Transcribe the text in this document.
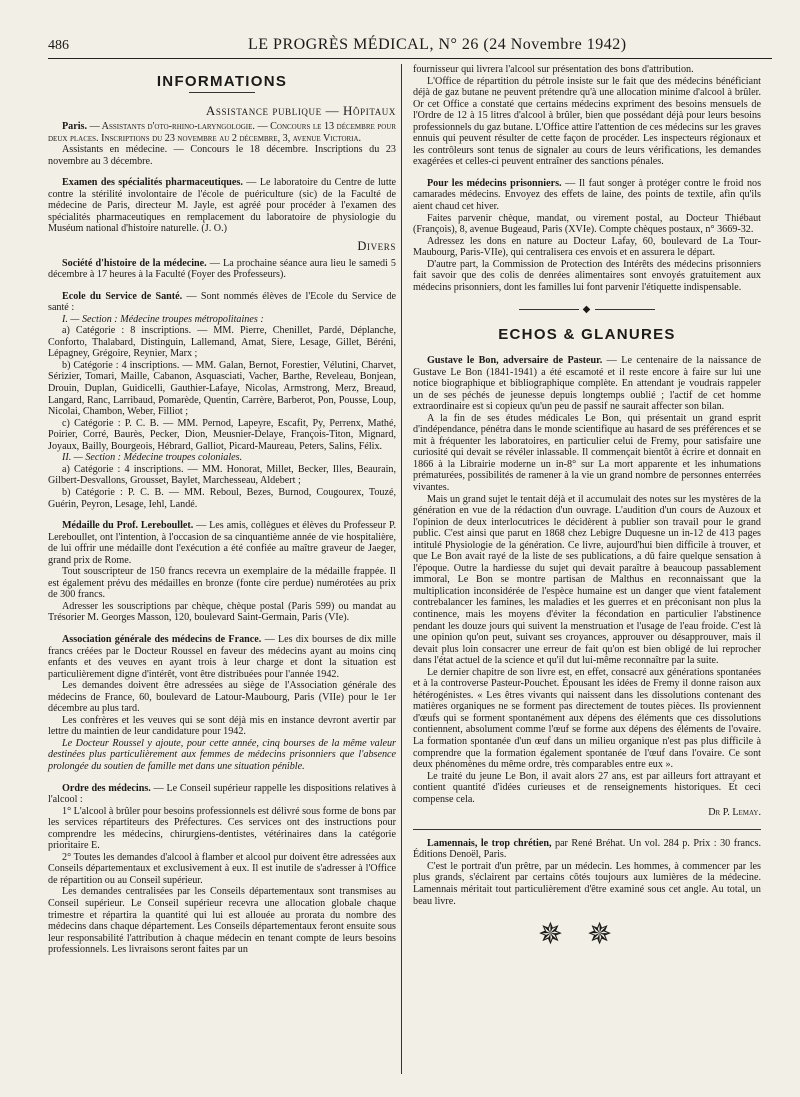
486	LE PROGRÈS MÉDICAL, N° 26 (24 Novembre 1942)
INFORMATIONS

Assistance publique — Hôpitaux

Paris. — Assistants d'oto-rhino-laryngologie. — Concours le 13 décembre pour deux places. Inscriptions du 23 novembre au 2 décembre, 3, avenue Victoria.

Assistants en médecine. — Concours le 18 décembre. Inscriptions du 23 novembre au 3 décembre.

Examen des spécialités pharmaceutiques. — Le laboratoire du Centre de lutte contre la stérilité involontaire de l'école de puériculture (sic) de la Faculté de médecine de Paris, directeur M. Jayle, est agréé pour procéder à l'examen des spécialités pharmaceutiques en remplacement du laboratoire de physiologie du Muséum national d'histoire naturelle. (J. O.)

Divers

Société d'histoire de la médecine. — La prochaine séance aura lieu le samedi 5 décembre à 17 heures à la Faculté (Foyer des Professeurs).

Ecole du Service de Santé. — Sont nommés élèves de l'Ecole du Service de santé :

I. — Section : Médecine troupes métropolitaines :

a) Catégorie : 8 inscriptions. — MM. Pierre, Chenillet, Pardé, Déplanche, Conforto, Thalabard, Distinguin, Lallemand, Amat, Siere, Lesage, Gillet, Béréni, Lépagney, Grégoire, Reynier, Marx ;

b) Catégorie : 4 inscriptions. — MM. Galan, Bernot, Forestier, Vélutini, Charvet, Sérizier, Tomari, Maille, Cabanon, Asquasciati, Vacher, Barthe, Reveleau, Bonjean, Drouin, Duplan, Guidicelli, Gauthier-Lafaye, Nicolas, Armstrong, Merz, Breaud, Langard, Ranc, Larribaud, Pomarède, Quentin, Carrère, Barberot, Pon, Pousse, Loup, Nicolai, Chambon, Weber, Filliot ;

c) Catégorie : P. C. B. — MM. Pernod, Lapeyre, Escafit, Py, Perrenx, Mathé, Poirier, Corré, Baurès, Pecker, Dion, Meusnier-Delaye, François-Titon, Mignard, Joyaux, Bailly, Bourgeois, Hébrard, Galliot, Picard-Maureau, Peters, Salins, Félix.

II. — Section : Médecine troupes coloniales.

a) Catégorie : 4 inscriptions. — MM. Honorat, Millet, Becker, Illes, Beaurain, Gilbert-Desvallons, Grousset, Baylet, Marchesseau, Aldebert ;

b) Catégorie : P. C. B. — MM. Reboul, Bezes, Burnod, Cougourex, Touzé, Guérin, Peyron, Lesage, Iehl, Landé.

Médaille du Prof. Lereboullet. — Les amis, collègues et élèves du Professeur P. Lereboullet, ont l'intention, à l'occasion de sa cinquantième année de vie hospitalière, de lui offrir une médaille dont l'exécution a été confiée au maître graveur de Jaeger, grand prix de Rome.

Tout souscripteur de 150 francs recevra un exemplaire de la médaille frappée. Il est également prévu des médailles en bronze (fonte cire perdue) numérotées au prix de 300 francs.

Adresser les souscriptions par chèque, chèque postal (Paris 599) ou mandat au Trésorier M. Georges Masson, 120, boulevard Saint-Germain, Paris (VIe).

Association générale des médecins de France. — Les dix bourses de dix mille francs créées par le Docteur Roussel en faveur des médecins ayant au moins cinq enfants et des veuves en ayant trois à leur charge et dont la situation est particulièrement digne d'intérêt, vont être distribuées pour l'année 1942.

Les demandes doivent être adressées au siège de l'Association générale des médecins de France, 60, boulevard de Latour-Maubourg, Paris (VIIe) pour le 1er décembre au plus tard.

Les confrères et les veuves qui se sont déjà mis en instance devront avertir par lettre du maintien de leur candidature pour 1942.

Le Docteur Roussel y ajoute, pour cette année, cinq bourses de la même valeur destinées plus particulièrement aux femmes de médecins prisonniers que l'absence prolongée du soutien de famille met dans une situation pénible.

Ordre des médecins. — Le Conseil supérieur rappelle les dispositions relatives à l'alcool :

1° L'alcool à brûler pour besoins professionnels est délivré sous forme de bons par les services répartiteurs des Préfectures. Ces services ont des instructions pour comprendre les médecins, chirurgiens-dentistes, vétérinaires dans la catégorie prioritaire E.

2° Toutes les demandes d'alcool à flamber et alcool pur doivent être adressées aux Conseils départementaux et exclusivement à eux. Il est inutile de s'adresser à l'Office de répartition ou au Conseil supérieur.

Les demandes centralisées par les Conseils départementaux sont transmises au Conseil supérieur. Le Conseil supérieur recevra une allocation globale chaque trimestre et répartira la quantité qui lui est allouée au prorata du nombre des médecins dans chaque département. Les Conseils départementaux feront ensuite sous leur responsabilité l'attribution à chaque médecin en tenant compte de leurs besoins professionnels. Les livraisons seront faites par un

fournisseur qui livrera l'alcool sur présentation des bons d'attribution.

L'Office de répartition du pétrole insiste sur le fait que des médecins bénéficiant déjà de gaz butane ne peuvent prétendre qu'à une allocation minime d'alcool à brûler. Or cet Office a constaté que certains médecins expriment des besoins mensuels de l'Ordre de 12 à 15 litres d'alcool à brûler, bien que possédant déjà pour leurs besoins professionnels du gaz butane. L'Office attire l'attention de ces médecins sur les graves ennuis qui peuvent résulter de cette façon de procéder. Les inspecteurs régionaux et les contrôleurs sont tenus de signaler au cours de leurs vérifications, les demandes exagérées et celles-ci peuvent entraîner des sanctions pénales.

Pour les médecins prisonniers. — Il faut songer à protéger contre le froid nos camarades médecins. Envoyez des effets de laine, des points de textile, afin qu'ils aient chaud cet hiver.

Faites parvenir chèque, mandat, ou virement postal, au Docteur Thiébaut (François), 8, avenue Bugeaud, Paris (XVIe). Compte chèques postaux, n° 3669-32.

Adressez les dons en nature au Docteur Lafay, 60, boulevard de La Tour-Maubourg, Paris-VIIe), qui centralisera ces envois et en assurera le départ.

D'autre part, la Commission de Protection des Intérêts des médecins prisonniers fait savoir que des colis de denrées alimentaires sont envoyés gratuitement aux médecins prisonniers, dont les familles lui font parvenir l'étiquette indispensable.

◆
ECHOS & GLANURES

Gustave le Bon, adversaire de Pasteur. — Le centenaire de la naissance de Gustave Le Bon (1841-1941) a été escamoté et il reste encore à faire sur lui une notice biographique et bibliographique complète. En attendant je voudrais rappeler un de ses péchés de jeunesse depuis longtemps oublié ; l'actif de cet homme extraordinaire est si copieux qu'un peu de passif ne saurait affecter son bilan.

A la fin de ses études médicales Le Bon, qui présentait un grand esprit d'indépendance, pénétra dans le monde scientifique au hasard de ses préférences et se mit à fréquenter les laboratoires, en particulier celui de Fremy, pour satisfaire une curiosité qui devait se révéler inlassable. Il commençait bientôt à écrire et donnait en 1866 à la Librairie moderne un in-8° sur La mort apparente et les inhumations prématurées, possibilités de ramener à la vie un grand nombre de personnes enterrées vivantes.

Mais un grand sujet le tentait déjà et il accumulait des notes sur les mystères de la génération en vue de la rédaction d'un ouvrage. L'audition d'un cours de Auzoux et l'opinion de deux interlocutrices le décidèrent à publier son travail pour le grand public. C'est ainsi que parut en 1868 chez Lebigre Duquesne un in-12 de 413 pages intitulé Physiologie de la génération. Ce livre, aujourd'hui bien difficile à trouver, et que Le Bon avait rayé de la liste de ses publications, a dû faire quelque sensation à l'époque. Outre la hardiesse du sujet qui devait paraître à beaucoup passablement immoral, Le Bon se montre partisan de Malthus en reconnaissant que la multiplication inconsidérée de l'espèce humaine est un danger que vient fatalement contrebalancer les famines, les maladies et les guerres et en préconisant non plus la continence, mais les moyens d'éviter la fécondation en particulier l'abstinence pendant les douze jours qui suivent la menstruation et l'usage de l'eau froide. C'est là une opinion qu'on peut, suivant ses croyances, approuver ou désapprouver, mais il devait plus loin consacrer une erreur de fait qu'on est bien obligé de lui reprocher dans l'état actuel de la science et qu'il dut lui-même reconnaître par la suite.

Le dernier chapitre de son livre est, en effet, consacré aux générations spontanées et à la controverse Pasteur-Pouchet. Épousant les idées de Fremy il donne raison aux hétérogénistes. « Les êtres vivants qui naissent dans les dissolutions contenant des matières organiques ne se forment pas directement de toutes pièces. Ils proviennent d'œufs qui se forment spontanément aux dépens des éléments que ces dissolutions contiennent, absolument comme l'œuf se forme aux dépens des éléments de l'ovaire. La formation spontanée d'un œuf dans un milieu organique n'est pas plus difficile à comprendre que la formation également spontanée de l'œuf dans l'ovaire. Ce sont deux phénomènes du même ordre, très comparables entre eux ».

Le traité du jeune Le Bon, il avait alors 27 ans, est par ailleurs fort attrayant et contient quantité d'idées curieuses et de renseignements historiques. Et ceci compense cela.

Dr P. Lemay.

Lamennais, le trop chrétien, par René Bréhat. Un vol. 284 p. Prix : 30 francs. Éditions Denoël, Paris.

C'est le portrait d'un prêtre, par un médecin. Les hommes, à commencer par les plus grands, s'éclairent par certains côtés toujours aux lumières de la médecine. Lamennais méritait tout particulièrement d'être examiné sous cet angle. Au total, un beau livre.

✵✵
